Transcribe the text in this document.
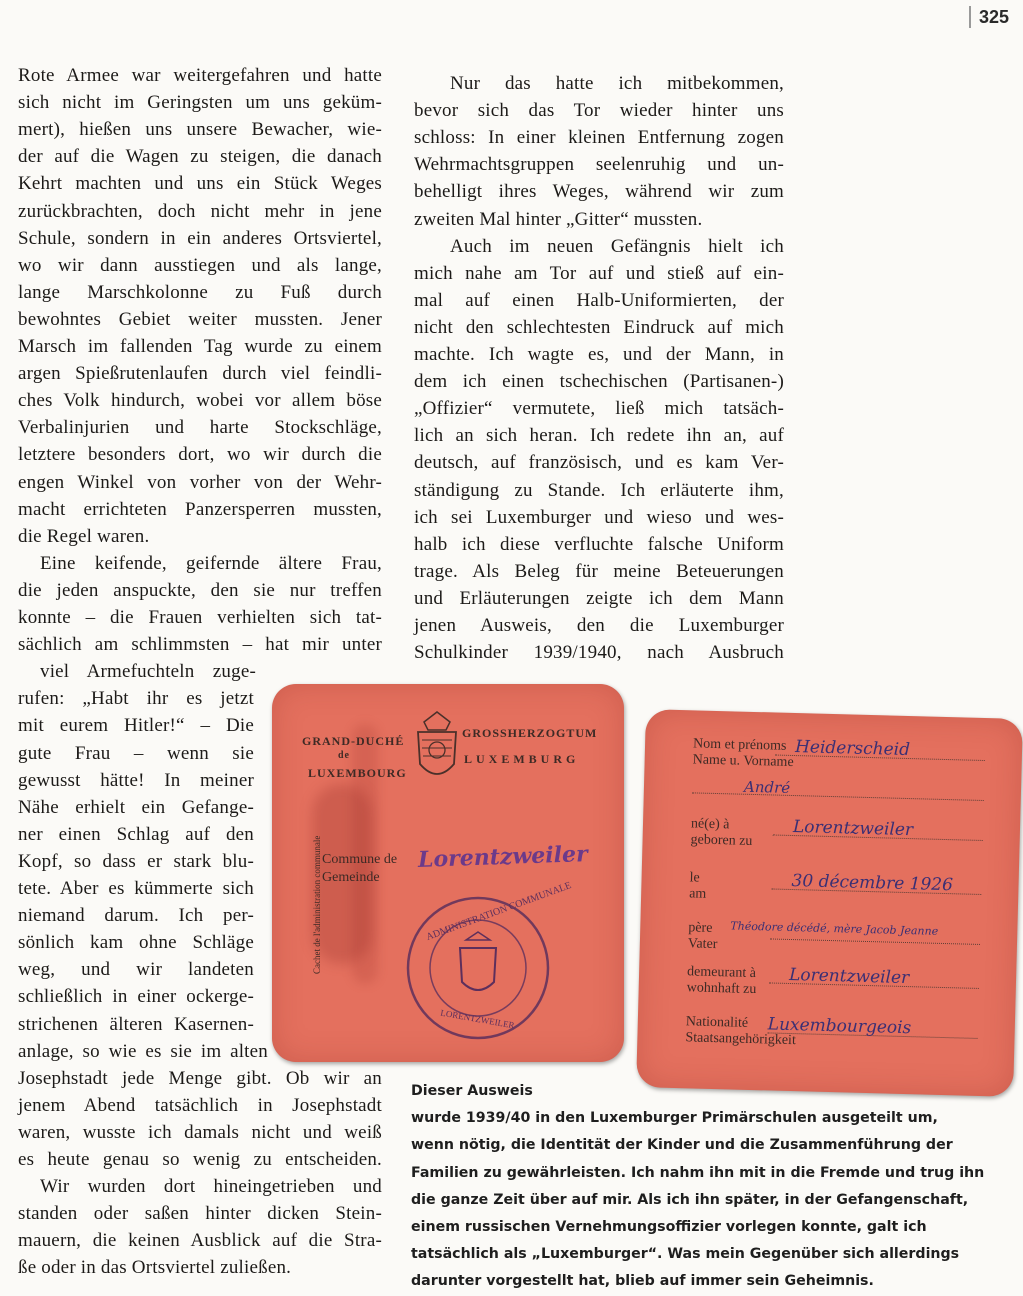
325
Rote Armee war weitergefahren und hatte
sich nicht im Geringsten um uns geküm-
mert), hießen uns unsere Bewacher, wie-
der auf die Wagen zu steigen, die danach
Kehrt machten und uns ein Stück Weges
zurückbrachten, doch nicht mehr in jene
Schule, sondern in ein anderes Ortsviertel,
wo wir dann ausstiegen und als lange,
lange Marschkolonne zu Fuß durch
bewohntes Gebiet weiter mussten. Jener
Marsch im fallenden Tag wurde zu einem
argen Spießrutenlaufen durch viel feindli-
ches Volk hindurch, wobei vor allem böse
Verbalinjurien und harte Stockschläge,
letztere besonders dort, wo wir durch die
engen Winkel von vorher von der Wehr-
macht errichteten Panzersperren mussten,
die Regel waren.
Eine keifende, geifernde ältere Frau,
die jeden anspuckte, den sie nur treffen
konnte – die Frauen verhielten sich tat-
sächlich am schlimmsten – hat mir unter
viel Armefuchteln zuge-
rufen: „Habt ihr es jetzt
mit eurem Hitler!“ – Die
gute Frau – wenn sie
gewusst hätte! In meiner
Nähe erhielt ein Gefange-
ner einen Schlag auf den
Kopf, so dass er stark blu-
tete. Aber es kümmerte sich
niemand darum. Ich per-
sönlich kam ohne Schläge
weg, und wir landeten
schließlich in einer ockerge-
strichenen älteren Kasernen-
anlage, so wie es sie im alten
Josephstadt jede Menge gibt. Ob wir an
jenem Abend tatsächlich in Josephstadt
waren, wusste ich damals nicht und weiß
es heute genau so wenig zu entscheiden.
Wir wurden dort hineingetrieben und
standen oder saßen hinter dicken Stein-
mauern, die keinen Ausblick auf die Stra-
ße oder in das Ortsviertel zuließen.
Nur das hatte ich mitbekommen,
bevor sich das Tor wieder hinter uns
schloss: In einer kleinen Entfernung zogen
Wehrmachtsgruppen seelenruhig und un-
behelligt ihres Weges, während wir zum
zweiten Mal hinter „Gitter“ mussten.
Auch im neuen Gefängnis hielt ich
mich nahe am Tor auf und stieß auf ein-
mal auf einen Halb-Uniformierten, der
nicht den schlechtesten Eindruck auf mich
machte. Ich wagte es, und der Mann, in
dem ich einen tschechischen (Partisanen-)
„Offizier“ vermutete, ließ mich tatsäch-
lich an sich heran. Ich redete ihn an, auf
deutsch, auf französisch, und es kam Ver-
ständigung zu Stande. Ich erläuterte ihm,
ich sei Luxemburger und wieso und wes-
halb ich diese verfluchte falsche Uniform
trage. Als Beleg für meine Beteuerungen
und Erläuterungen zeigte ich dem Mann
jenen Ausweis, den die Luxemburger
Schulkinder 1939/1940, nach Ausbruch
GRAND-DUCHÉ
de
LUXEMBOURG
GROSSHERZOGTUM
LUXEMBURG
Commune de
Gemeinde
Lorentzweiler
ADMINISTRATION COMMUNALE
LORENTZWEILER
Cachet de l'administration communale
Nom et prénoms
Name u. Vorname
Heiderscheid
André
né(e) à
geboren zu
Lorentzweiler
le
am	30 décembre 1926
père
Vater
Théodore décédé, mère Jacob Jeanne
demeurant à
wohnhaft zu
Lorentzweiler
Nationalité
Staatsangehörigkeit
Luxembourgeois
Dieser Ausweis
wurde 1939/40 in den Luxemburger Primärschulen ausgeteilt um,
wenn nötig, die Identität der Kinder und die Zusammenführung der
Familien zu gewährleisten. Ich nahm ihn mit in die Fremde und trug ihn
die ganze Zeit über auf mir. Als ich ihn später, in der Gefangenschaft,
einem russischen Vernehmungsoffizier vorlegen konnte, galt ich
tatsächlich als „Luxemburger“. Was mein Gegenüber sich allerdings
darunter vorgestellt hat, blieb auf immer sein Geheimnis.
